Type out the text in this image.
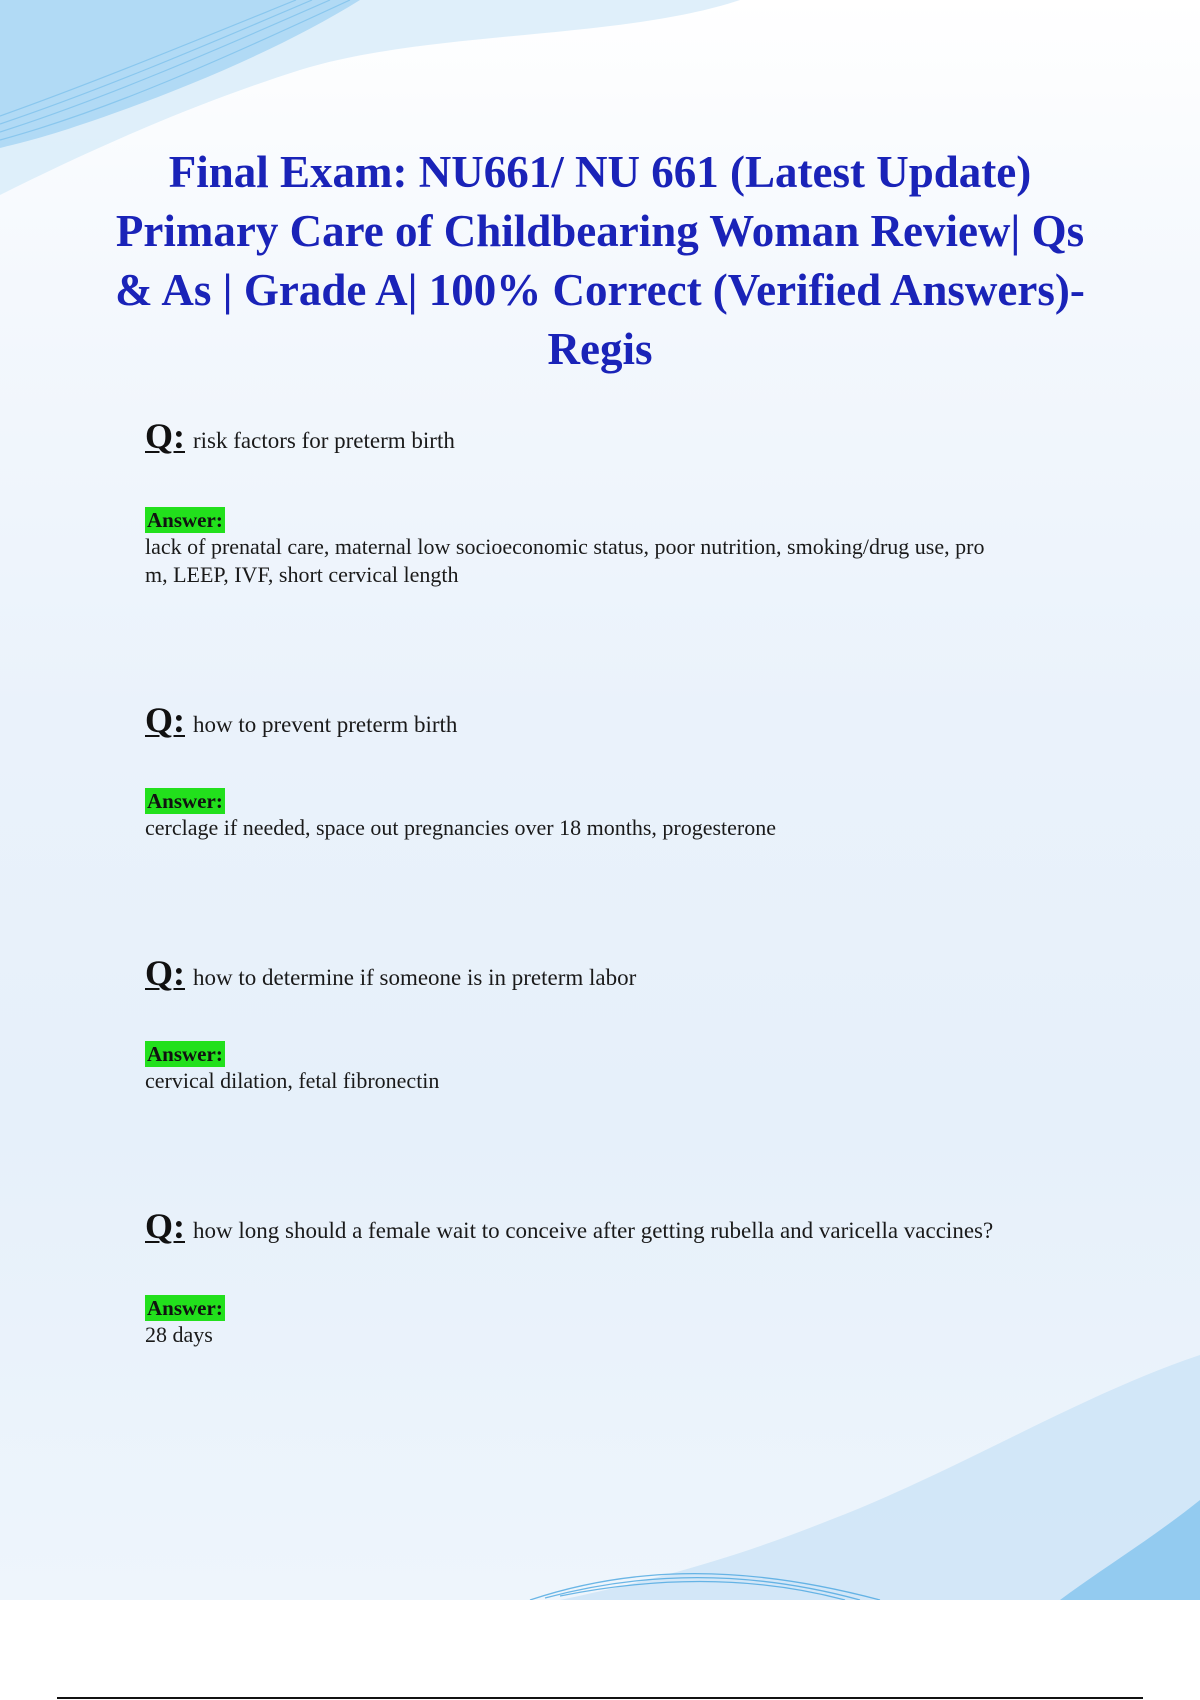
Final Exam: NU661/ NU 661 (Latest Update) Primary Care of Childbearing Woman Review| Qs & As | Grade A| 100% Correct (Verified Answers)- Regis
Q: risk factors for preterm birth
Answer:

lack of prenatal care, maternal low socioeconomic status, poor nutrition, smoking/drug use, pro

m, LEEP, IVF, short cervical length

Q: how to prevent preterm birth
Answer:

cerclage if needed, space out pregnancies over 18 months, progesterone

Q: how to determine if someone is in preterm labor
Answer:

cervical dilation, fetal fibronectin

Q: how long should a female wait to conceive after getting rubella and varicella vaccines?
Answer:

28 days
